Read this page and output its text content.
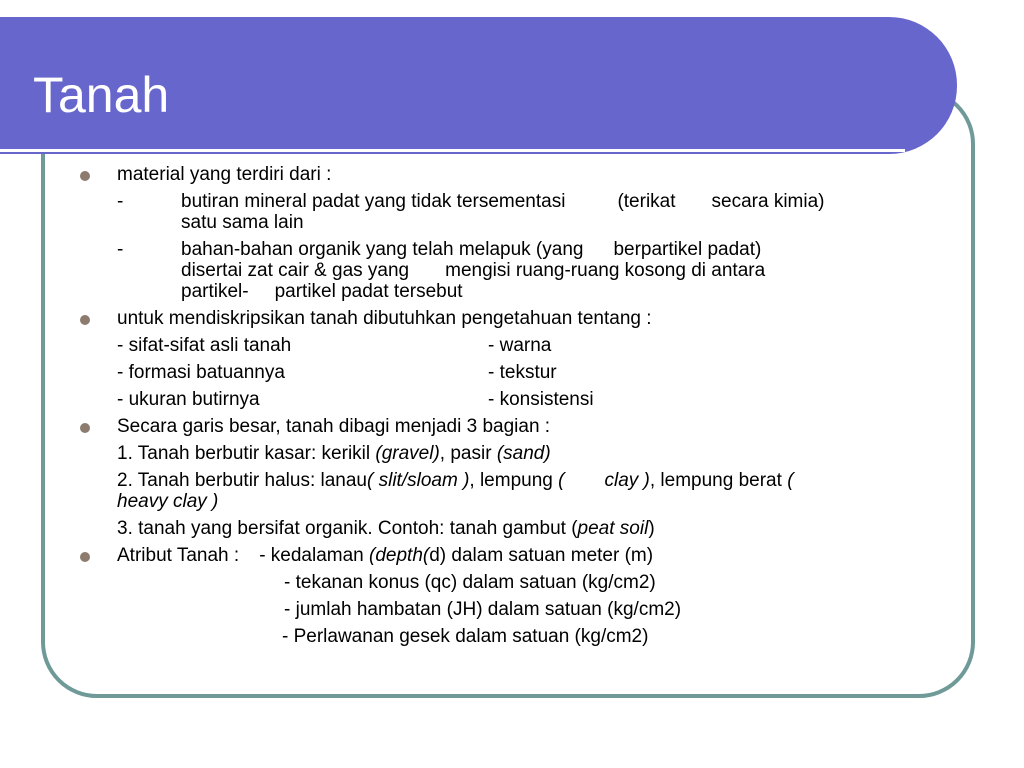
Tanah
material yang terdiri dari :
-	butiran mineral padat yang tidak tersementasi	(terikat secara kimia)
satu sama lain
-	bahan-bahan organik yang telah melapuk (yang berpartikel padat)
disertai zat cair & gas yang mengisi ruang-ruang kosong di antara
partikel- partikel padat tersebut
untuk mendiskripsikan tanah dibutuhkan pengetahuan tentang :
- sifat-sifat asli tanah	- warna
- formasi batuannya	- tekstur
- ukuran butirnya	- konsistensi
Secara garis besar, tanah dibagi menjadi 3 bagian :
1. Tanah berbutir kasar: kerikil (gravel), pasir (sand)
2. Tanah berbutir halus: lanau( slit/sloam ), lempung ( clay ), lempung berat (
heavy clay )
3. tanah yang bersifat organik. Contoh: tanah gambut (peat soil)
Atribut Tanah : - kedalaman (depth(d) dalam satuan meter (m)
- tekanan konus (qc) dalam satuan (kg/cm2)
- jumlah hambatan (JH) dalam satuan (kg/cm2)
- Perlawanan gesek dalam satuan (kg/cm2)
